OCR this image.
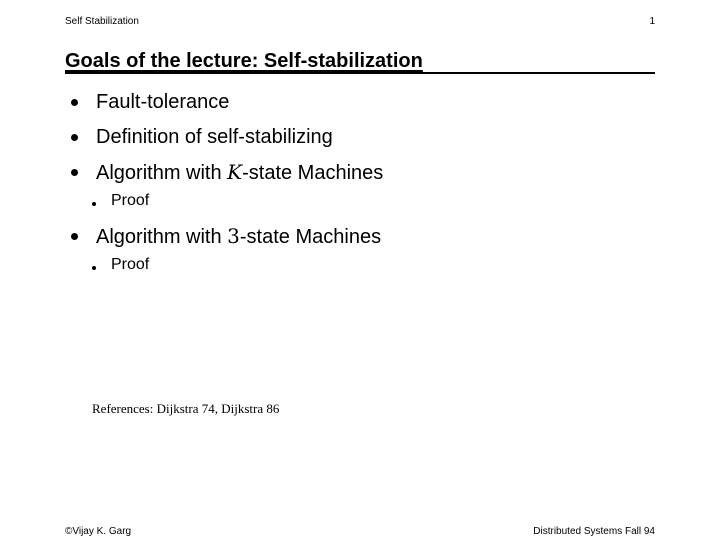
Self Stabilization	1
Goals of the lecture: Self-stabilization
Fault-tolerance
Definition of self-stabilizing
Algorithm with K-state Machines
Proof
Algorithm with 3-state Machines
Proof
References: Dijkstra 74, Dijkstra 86
©Vijay K. Garg	Distributed Systems Fall 94
